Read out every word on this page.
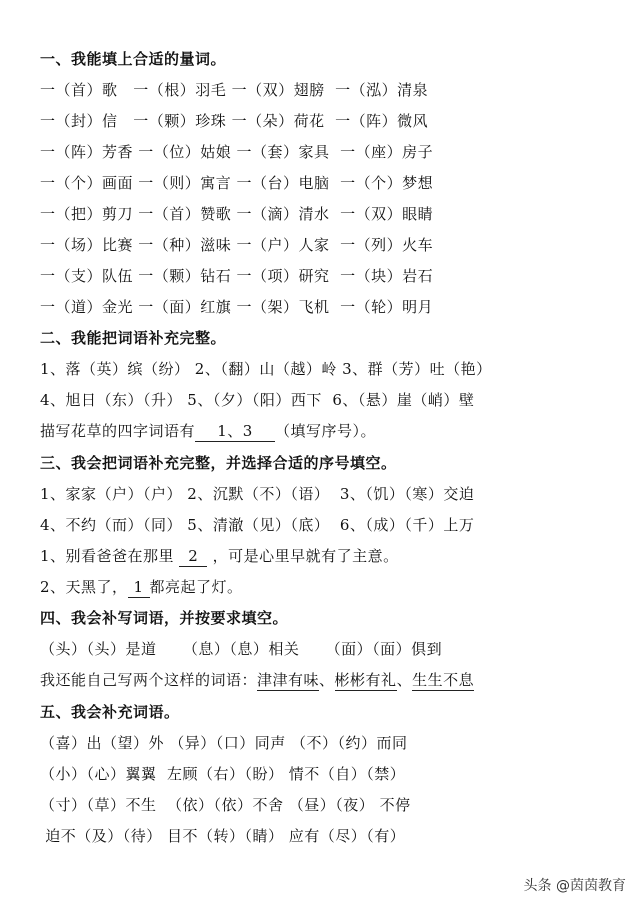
一、我能填上合适的量词。
一（首）歌   一（根）羽毛 一（双）翅膀  一（泓）清泉
一（封）信   一（颗）珍珠 一（朵）荷花  一（阵）微风
一（阵）芳香 一（位）姑娘 一（套）家具  一（座）房子
一（个）画面 一（则）寓言 一（台）电脑  一（个）梦想
一（把）剪刀 一（首）赞歌 一（滴）清水  一（双）眼睛
一（场）比赛 一（种）滋味 一（户）人家  一（列）火车
一（支）队伍 一（颗）钻石 一（项）研究  一（块）岩石
一（道）金光 一（面）红旗 一（架）飞机  一（轮）明月
二、我能把词语补充完整。
1、落（英）缤（纷） 2、（翻）山（越）岭 3、群（芳）吐（艳）
4、旭日（东）（升） 5、（夕）（阳）西下  6、（悬）崖（峭）壁
描写花草的四字词语有 1、3 （填写序号）。
三、我会把词语补充完整，并选择合适的序号填空。
1、家家（户）（户） 2、沉默（不）（语）  3、（饥）（寒）交迫
4、不约（而）（同） 5、清澈（见）（底）  6、（成）（千）上万
1、别看爸爸在那里 2 ，可是心里早就有了主意。
2、天黑了， 1 都亮起了灯。
四、我会补写词语，并按要求填空。
（头）（头）是道     （息）（息）相关     （面）（面）俱到
我还能自己写两个这样的词语：津津有味、彬彬有礼、生生不息
五、我会补充词语。
（喜）出（望）外 （异）（口）同声 （不）（约）而同
（小）（心）翼翼  左顾（右）（盼） 情不（自）（禁）
（寸）（草）不生  （依）（依）不舍 （昼）（夜） 不停
迫不（及）（待） 目不（转）（睛） 应有（尽）（有）
头条 @茵茵教育
